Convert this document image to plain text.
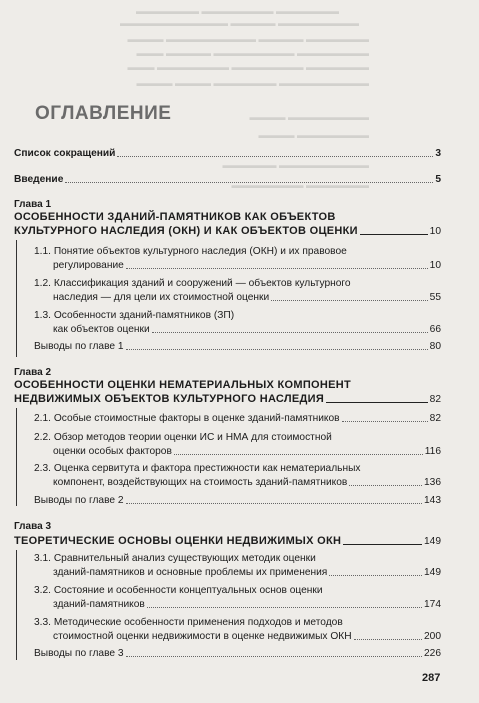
▬▬▬▬▬▬▬ ▬▬▬▬▬▬▬▬ ▬▬▬▬▬▬▬
▬▬▬▬▬▬▬▬▬ ▬▬▬▬▬ ▬▬▬▬▬▬▬▬▬▬▬▬
▬▬▬▬▬▬▬ ▬▬▬▬▬ ▬▬▬▬▬▬▬▬▬▬ ▬▬▬▬
▬▬▬▬▬▬▬▬ ▬▬▬▬▬▬▬▬▬ ▬▬▬▬▬ ▬▬▬
▬▬▬▬▬▬▬ ▬▬▬▬▬▬▬▬ ▬▬▬▬▬▬▬▬ ▬▬▬
▬▬▬▬▬▬▬▬▬▬ ▬▬▬▬▬▬▬ ▬▬▬▬ ▬▬▬▬
▬▬▬▬▬▬▬▬▬ ▬▬▬▬
▬▬▬▬▬▬▬▬ ▬▬▬▬
▬▬▬▬▬▬▬▬▬▬ ▬▬▬▬▬▬
▬▬▬▬▬▬▬ ▬▬▬▬▬▬▬▬
ОГЛАВЛЕНИЕ
Список сокращений	3
Введение	5
Глава 1
ОСОБЕННОСТИ ЗДАНИЙ-ПАМЯТНИКОВ КАК ОБЪЕКТОВ
КУЛЬТУРНОГО НАСЛЕДИЯ (ОКН) И КАК ОБЪЕКТОВ ОЦЕНКИ	10
1.1. Понятие объектов культурного наследия (ОКН) и их правовое
регулирование	10
1.2. Классификация зданий и сооружений — объектов культурного
наследия — для цели их стоимостной оценки	55
1.3. Особенности зданий-памятников (ЗП)
как объектов оценки	66
Выводы по главе 1	80
Глава 2
ОСОБЕННОСТИ ОЦЕНКИ НЕМАТЕРИАЛЬНЫХ КОМПОНЕНТ
НЕДВИЖИМЫХ ОБЪЕКТОВ КУЛЬТУРНОГО НАСЛЕДИЯ	82
2.1. Особые стоимостные факторы в оценке зданий-памятников	82
2.2. Обзор методов теории оценки ИС и НМА для стоимостной
оценки особых факторов	116
2.3. Оценка сервитута и фактора престижности как нематериальных
компонент, воздействующих на стоимость зданий-памятников	136
Выводы по главе 2	143
Глава 3
ТЕОРЕТИЧЕСКИЕ ОСНОВЫ ОЦЕНКИ НЕДВИЖИМЫХ ОКН	149
3.1. Сравнительный анализ существующих методик оценки
зданий-памятников и основные проблемы их применения	149
3.2. Состояние и особенности концептуальных основ оценки
зданий-памятников	174
3.3. Методические особенности применения подходов и методов
стоимостной оценки недвижимости в оценке недвижимых ОКН	200
Выводы по главе 3	226
287
